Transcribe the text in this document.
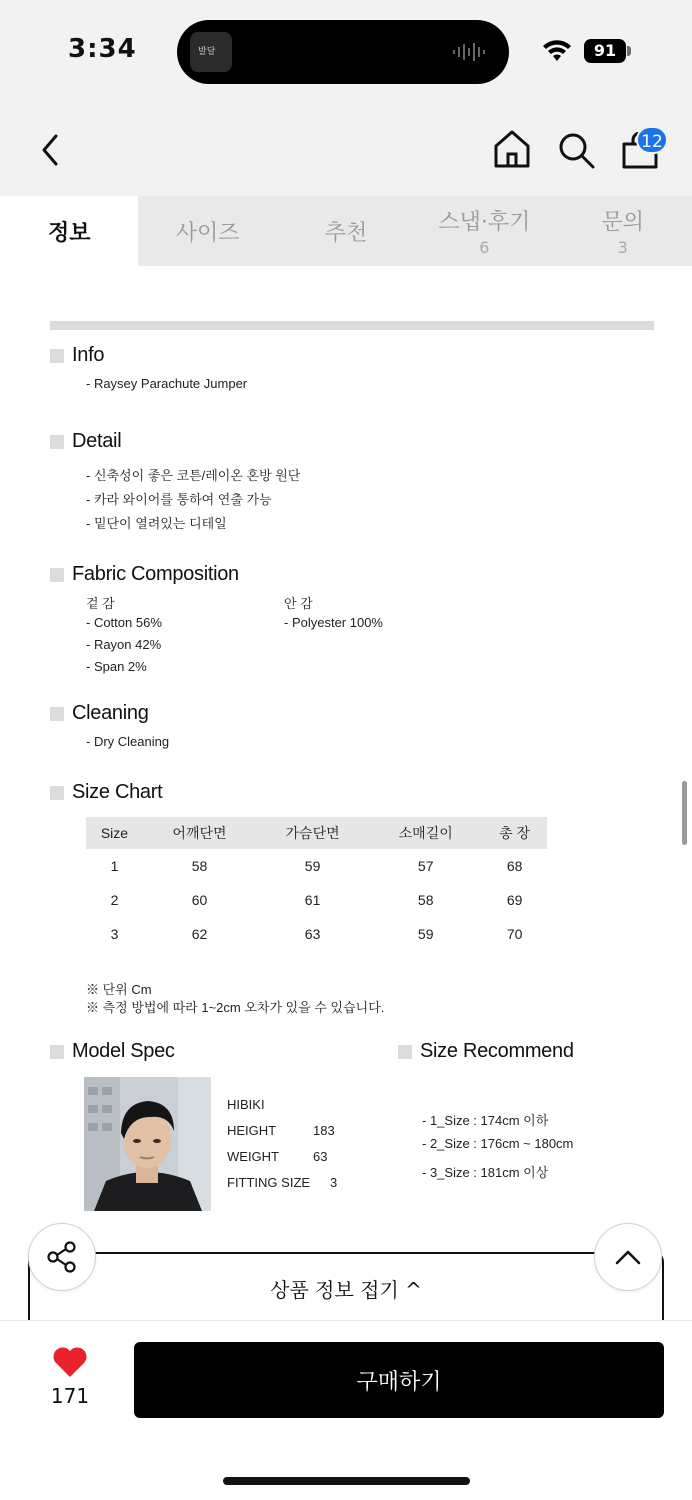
3:34	발달	91
12
정보	사이즈	추천	스냅·후기
6
문의
3
Info
- Raysey Parachute Jumper
Detail
- 신축성이 좋은 코튼/레이온 혼방 원단
- 카라 와이어를 통하여 연출 가능
- 밑단이 열려있는 디테일
Fabric Composition
겉 감
- Cotton 56%
- Rayon 42%
- Span 2%
안 감
- Polyester 100%
Cleaning
- Dry Cleaning
Size Chart
Size	어깨단면	가슴단면	소매길이	총 장
1	58	59	57	68
2	60	61	58	69
3	62	63	59	70
※ 단위 Cm
※ 측정 방법에 따라 1~2cm 오차가 있을 수 있습니다.
Model Spec
HIBIKI
HEIGHT	183
WEIGHT	63
FITTING SIZE	3
Size Recommend
- 1_Size : 174cm 이하
- 2_Size : 176cm ~ 180cm
- 3_Size : 181cm 이상
상품 정보 접기 ^
171
구매하기
